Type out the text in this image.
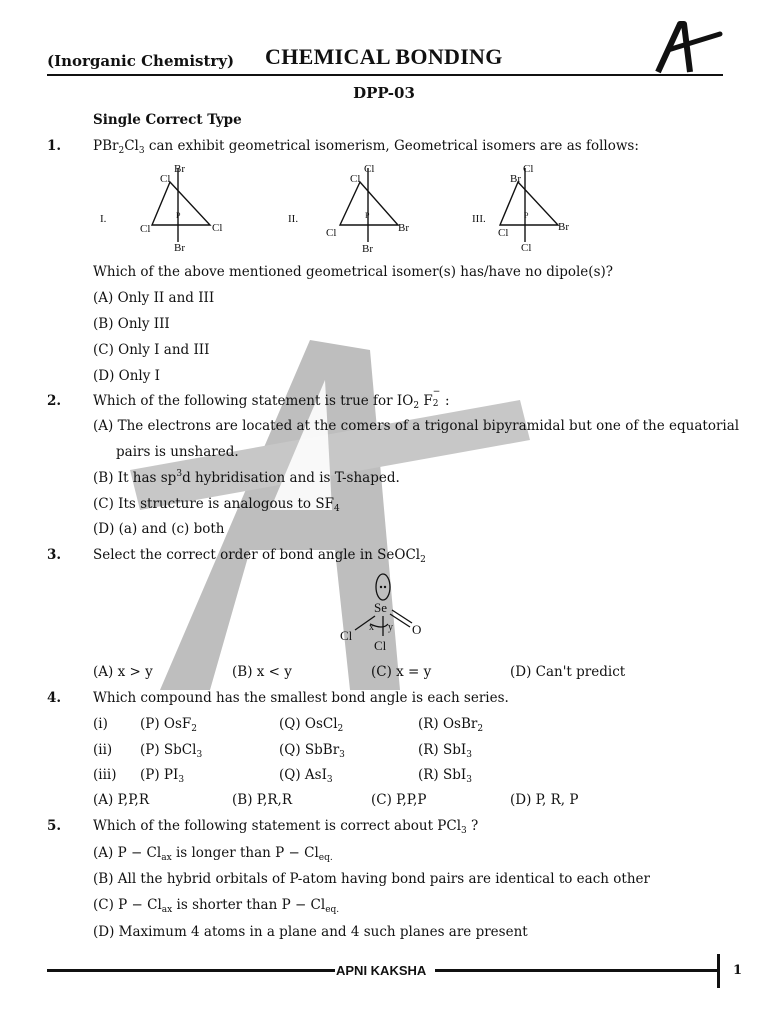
(Inorganic Chemistry) CHEMICAL BONDING
DPP-03
Single Correct Type
1. $PBr_2Cl_3$ can exhibit geometrical isomerism, Geometrical isomers are as follows:
I.	II.	III.
Br
Cl
Cl	Cl
P
Br
Cl
Cl
Cl	Br
P
Br
Cl
Br
Cl	Br
P
Cl
Which of the above mentioned geometrical isomer(s) has/have no dipole(s)?
(A) Only II and III
(B) Only III
(C) Only I and III
(D) Only I
2. Which of the following statement is true for $IO_2$ F
−
2 :
(A) The electrons are located at the comers of a trigonal bipyramidal but one of the equatorial
pairs is unshared.
(B) It has $sp^3d$ hybridisation and is T-shaped.
(C) Its structure is analogous to $SF_4$
(D) (a) and (c) both
3. Select the correct order of bond angle in SeOCl$_2$
Se
Cl
Cl
O
x y
(A) x > y	(B) x < y	(C) x = y	(D) Can't predict
4. Which compound has the smallest bond angle is each series.
(i) (P) OsF$_2$	(Q) OsCl$_2$	(R) OsBr$_2$
(ii) (P) SbCl$_3$	(Q) SbBr$_3$	(R) SbI$_3$
(iii) (P) $PI_3$	(Q) AsI$_3$	(R) SbI$_3$
(A) P,P,R	(B) P,R,R	(C) P,P,P	(D) P, R, P
5. Which of the following statement is correct about PCl$_3$ ?
(A) $P - Cl_{ax}$ is longer than $P - Cl_{eq.}$
(B) All the hybrid orbitals of P-atom having bond pairs are identical to each other
(C) $P - Cl_{ax}$ is shorter than $P - Cl_{eq.}$
(D) Maximum 4 atoms in a plane and 4 such planes are present
APNI KAKSHA	1
